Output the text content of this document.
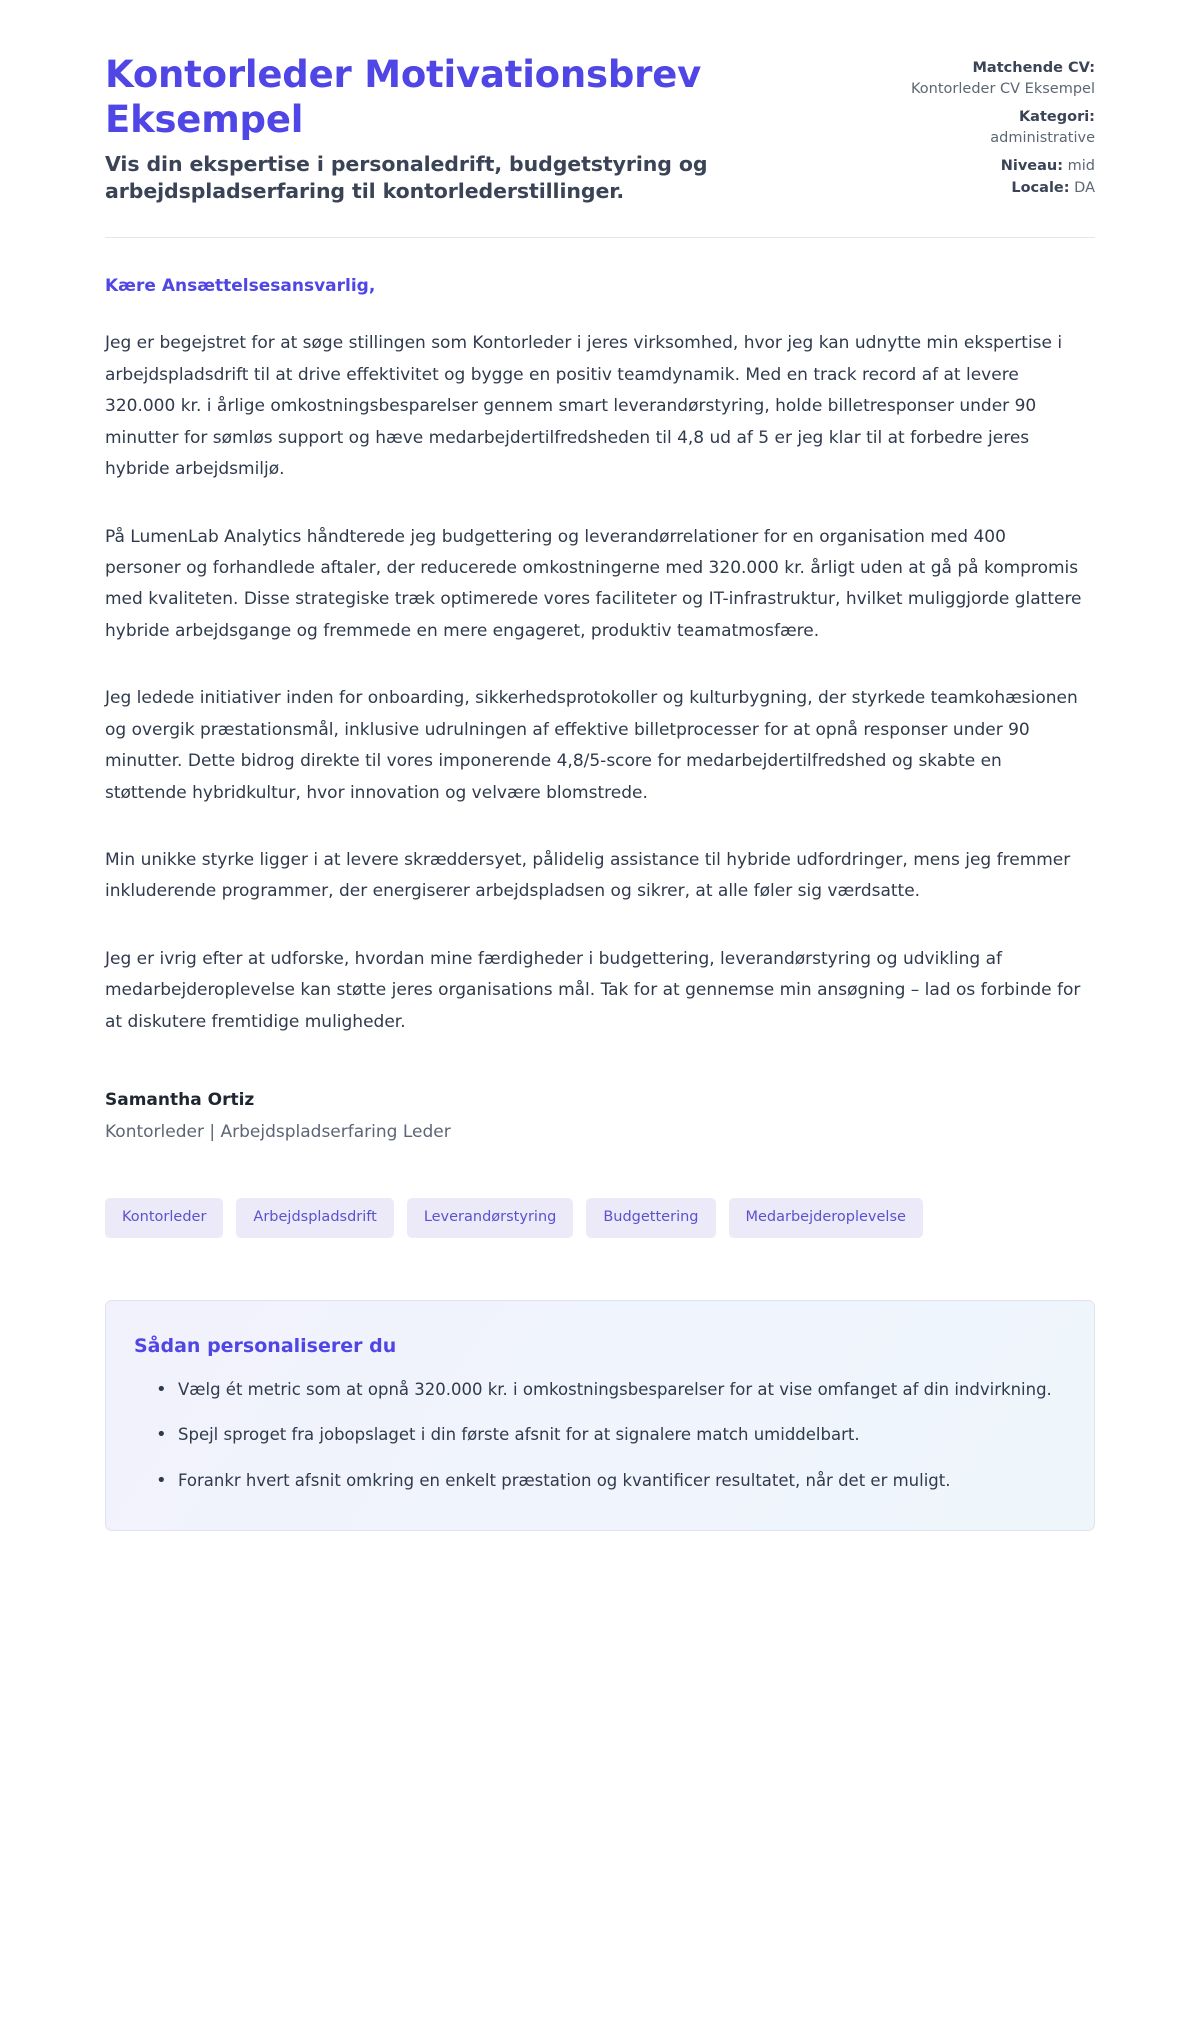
Kontorleder Motivationsbrev Eksempel

Vis din ekspertise i personaledrift, budgetstyring og arbejdspladserfaring til kontorlederstillinger.

Matchende CV:
Kontorleder CV Eksempel
Kategori:
administrative
Niveau: mid
Locale: DA

Kære Ansættelsesansvarlig,

Jeg er begejstret for at søge stillingen som Kontorleder i jeres virksomhed, hvor jeg kan udnytte min ekspertise i arbejdspladsdrift til at drive effektivitet og bygge en positiv teamdynamik. Med en track record af at levere 320.000 kr. i årlige omkostningsbesparelser gennem smart leverandørstyring, holde billetresponser under 90 minutter for sømløs support og hæve medarbejdertilfredsheden til 4,8 ud af 5 er jeg klar til at forbedre jeres hybride arbejdsmiljø.

På LumenLab Analytics håndterede jeg budgettering og leverandørrelationer for en organisation med 400 personer og forhandlede aftaler, der reducerede omkostningerne med 320.000 kr. årligt uden at gå på kompromis med kvaliteten. Disse strategiske træk optimerede vores faciliteter og IT-infrastruktur, hvilket muliggjorde glattere hybride arbejdsgange og fremmede en mere engageret, produktiv teamatmosfære.

Jeg ledede initiativer inden for onboarding, sikkerhedsprotokoller og kulturbygning, der styrkede teamkohæsionen og overgik præstationsmål, inklusive udrulningen af effektive billetprocesser for at opnå responser under 90 minutter. Dette bidrog direkte til vores imponerende 4,8/5-score for medarbejdertilfredshed og skabte en støttende hybridkultur, hvor innovation og velvære blomstrede.

Min unikke styrke ligger i at levere skræddersyet, pålidelig assistance til hybride udfordringer, mens jeg fremmer inkluderende programmer, der energiserer arbejdspladsen og sikrer, at alle føler sig værdsatte.

Jeg er ivrig efter at udforske, hvordan mine færdigheder i budgettering, leverandørstyring og udvikling af medarbejderoplevelse kan støtte jeres organisations mål. Tak for at gennemse min ansøgning – lad os forbinde for at diskutere fremtidige muligheder.

Samantha Ortiz

Kontorleder | Arbejdspladserfaring Leder

Kontorleder	Arbejdspladsdrift	Leverandørstyring	Budgettering	Medarbejderoplevelse
Sådan personaliserer du
• Vælg ét metric som at opnå 320.000 kr. i omkostningsbesparelser for at vise omfanget af din indvirkning.
• Spejl sproget fra jobopslaget i din første afsnit for at signalere match umiddelbart.
• Forankr hvert afsnit omkring en enkelt præstation og kvantificer resultatet, når det er muligt.
